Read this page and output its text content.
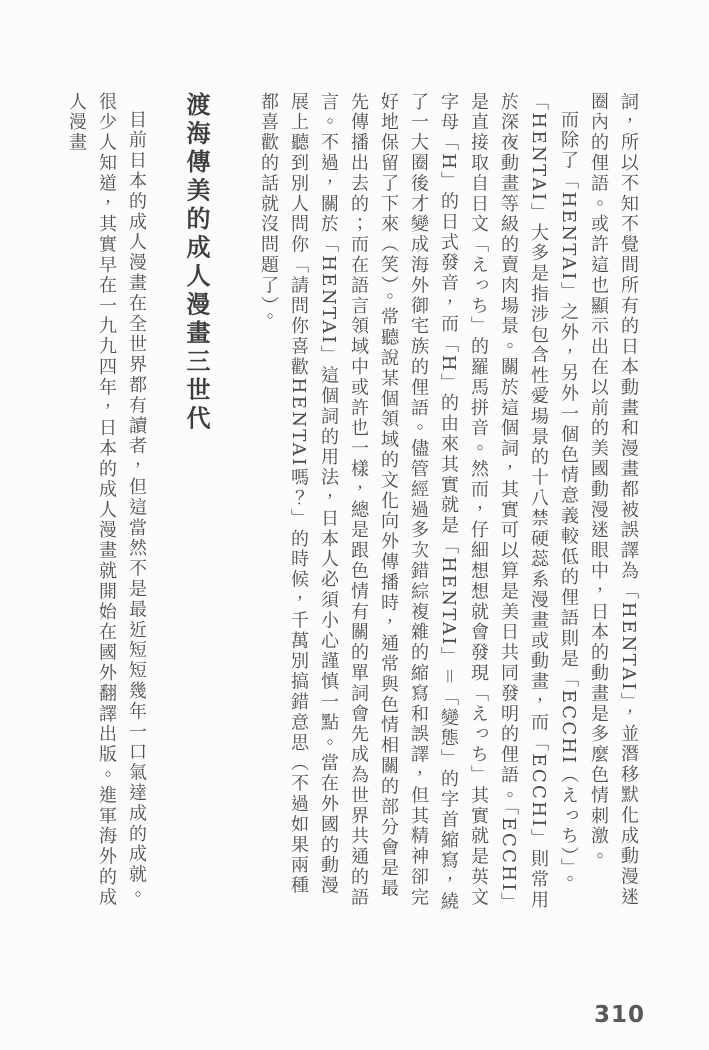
詞，所以不知不覺間所有的日本動畫和漫畫都被誤譯為「HENTAI」，並潛移默化成動漫迷圈內的俚語。或許這也顯示出在以前的美國動漫迷眼中，日本的動畫是多麼色情刺激。

而除了「HENTAI」之外，另外一個色情意義較低的俚語則是「ECCHI（えっち）」。「HENTAI」大多是指涉包含性愛場景的十八禁硬蕊系漫畫或動畫，而「ECCHI」則常用於深夜動畫等級的賣肉場景。關於這個詞，其實可以算是美日共同發明的俚語。「ECCHI」是直接取自日文「えっち」的羅馬拼音。然而，仔細想想就會發現「えっち」其實就是英文字母「H」的日式發音，而「H」的由來其實就是「HENTAI」＝「變態」的字首縮寫，繞了一大圈後才變成海外御宅族的俚語。儘管經過多次錯綜複雜的縮寫和誤譯，但其精神卻完好地保留了下來（笑）。常聽說某個領域的文化向外傳播時，通常與色情相關的部分會是最先傳播出去的；而在語言領域中或許也一樣，總是跟色情有關的單詞會先成為世界共通的語言。不過，關於「HENTAI」這個詞的用法，日本人必須小心謹慎一點。當在外國的動漫展上聽到別人問你「請問你喜歡HENTAI嗎？」的時候，千萬別搞錯意思（不過如果兩種都喜歡的話就沒問題了）。

渡海傳美的成人漫畫三世代

目前日本的成人漫畫在全世界都有讀者，但這當然不是最近短短幾年一口氣達成的成就。很少人知道，其實早在一九九四年，日本的成人漫畫就開始在國外翻譯出版。進軍海外的成人漫畫

310
